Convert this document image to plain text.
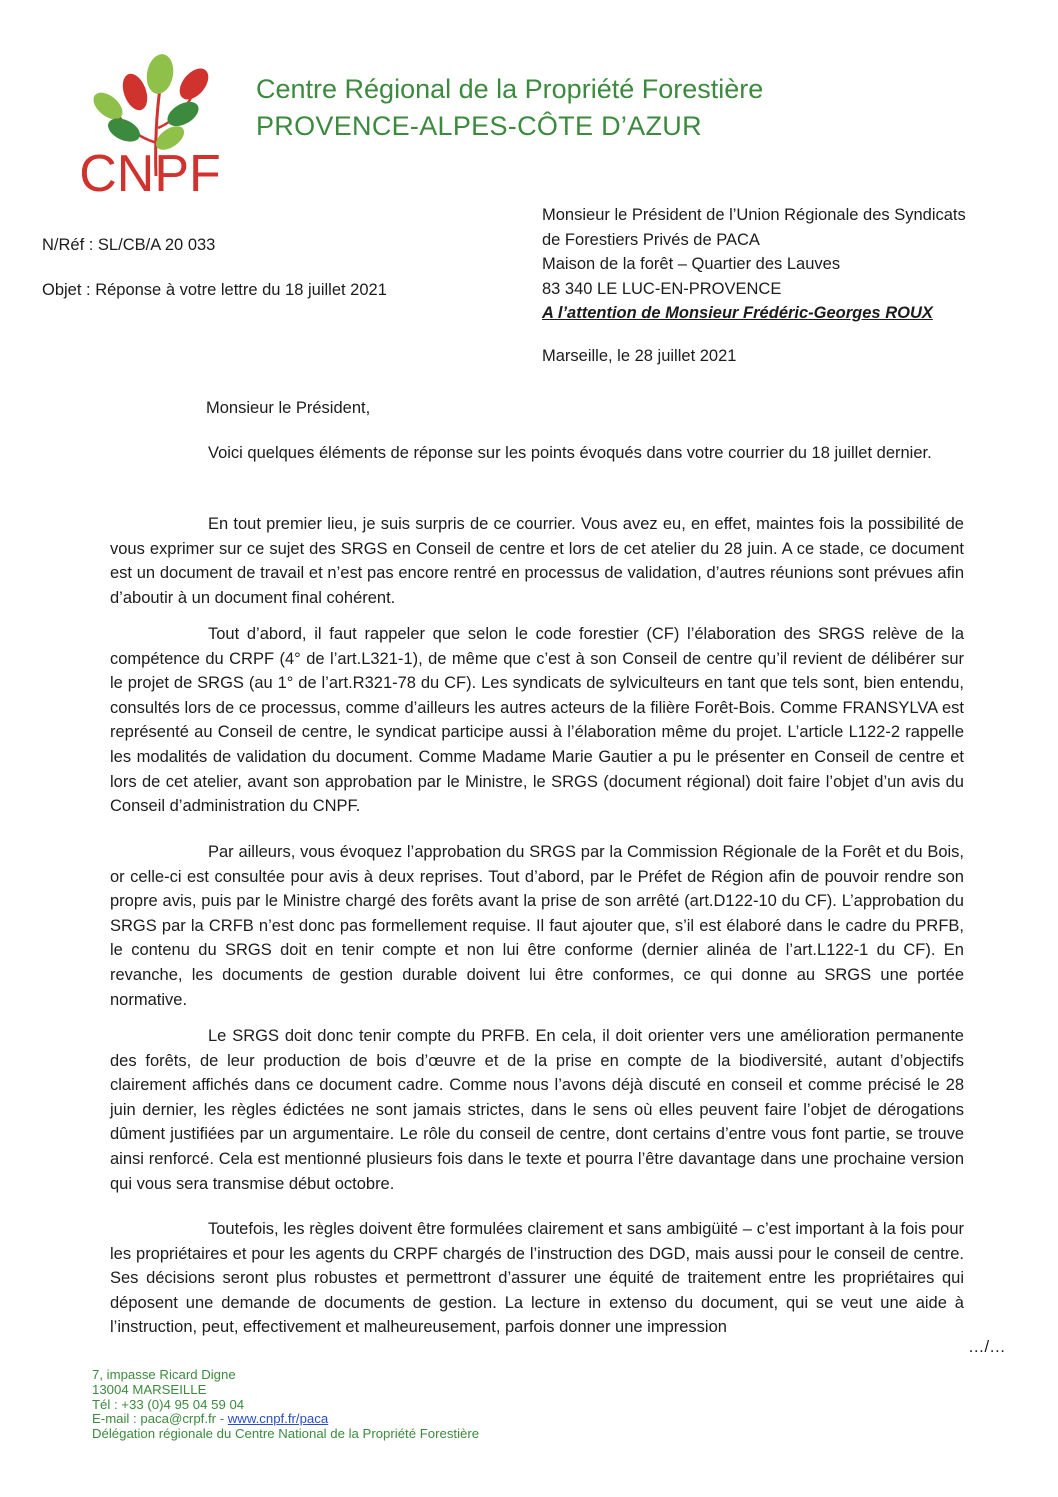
CNPF
Centre Régional de la Propriété Forestière
PROVENCE-ALPES-CÔTE D’AZUR
Monsieur le Président de l’Union Régionale des Syndicats
de Forestiers Privés de PACA
Maison de la forêt – Quartier des Lauves
83 340 LE LUC-EN-PROVENCE
A l’attention de Monsieur Frédéric-Georges ROUX
N/Réf : SL/CB/A 20 033
Objet : Réponse à votre lettre du 18 juillet 2021
Marseille, le 28 juillet 2021
Monsieur le Président,

Voici quelques éléments de réponse sur les points évoqués dans votre courrier du 18 juillet dernier.

En tout premier lieu, je suis surpris de ce courrier. Vous avez eu, en effet, maintes fois la possibilité de vous exprimer sur ce sujet des SRGS en Conseil de centre et lors de cet atelier du 28 juin. A ce stade, ce document est un document de travail et n’est pas encore rentré en processus de validation, d’autres réunions sont prévues afin d’aboutir à un document final cohérent.

Tout d’abord, il faut rappeler que selon le code forestier (CF) l’élaboration des SRGS relève de la compétence du CRPF (4° de l’art.L321-1), de même que c’est à son Conseil de centre qu’il revient de délibérer sur le projet de SRGS (au 1° de l’art.R321-78 du CF). Les syndicats de sylviculteurs en tant que tels sont, bien entendu, consultés lors de ce processus, comme d’ailleurs les autres acteurs de la filière Forêt-Bois. Comme FRANSYLVA est représenté au Conseil de centre, le syndicat participe aussi à l’élaboration même du projet. L’article L122-2 rappelle les modalités de validation du document. Comme Madame Marie Gautier a pu le présenter en Conseil de centre et lors de cet atelier, avant son approbation par le Ministre, le SRGS (document régional) doit faire l’objet d’un avis du Conseil d’administration du CNPF.

Par ailleurs, vous évoquez l’approbation du SRGS par la Commission Régionale de la Forêt et du Bois, or celle-ci est consultée pour avis à deux reprises. Tout d’abord, par le Préfet de Région afin de pouvoir rendre son propre avis, puis par le Ministre chargé des forêts avant la prise de son arrêté (art.D122-10 du CF). L’approbation du SRGS par la CRFB n’est donc pas formellement requise. Il faut ajouter que, s’il est élaboré dans le cadre du PRFB, le contenu du SRGS doit en tenir compte et non lui être conforme (dernier alinéa de l’art.L122-1 du CF). En revanche, les documents de gestion durable doivent lui être conformes, ce qui donne au SRGS une portée normative.

Le SRGS doit donc tenir compte du PRFB. En cela, il doit orienter vers une amélioration permanente des forêts, de leur production de bois d’œuvre et de la prise en compte de la biodiversité, autant d’objectifs clairement affichés dans ce document cadre. Comme nous l’avons déjà discuté en conseil et comme précisé le 28 juin dernier, les règles édictées ne sont jamais strictes, dans le sens où elles peuvent faire l’objet de dérogations dûment justifiées par un argumentaire. Le rôle du conseil de centre, dont certains d’entre vous font partie, se trouve ainsi renforcé. Cela est mentionné plusieurs fois dans le texte et pourra l’être davantage dans une prochaine version qui vous sera transmise début octobre.

Toutefois, les règles doivent être formulées clairement et sans ambigüité – c’est important à la fois pour les propriétaires et pour les agents du CRPF chargés de l’instruction des DGD, mais aussi pour le conseil de centre. Ses décisions seront plus robustes et permettront d’assurer une équité de traitement entre les propriétaires qui déposent une demande de documents de gestion. La lecture in extenso du document, qui se veut une aide à l’instruction, peut, effectivement et malheureusement, parfois donner une impression

…/…
7, impasse Ricard Digne
13004 MARSEILLE
Tél : +33 (0)4 95 04 59 04
E-mail : paca@crpf.fr - www.cnpf.fr/paca
Délégation régionale du Centre National de la Propriété Forestière
